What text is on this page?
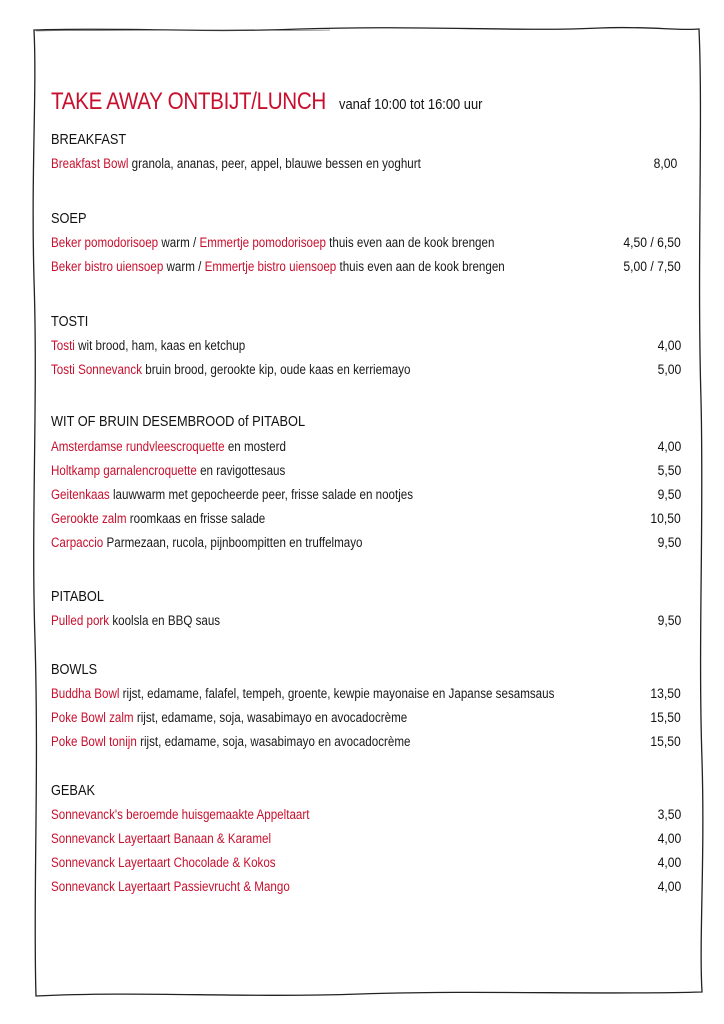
TAKE AWAY ONTBIJT/LUNCH vanaf 10:00 tot 16:00 uur
BREAKFAST
Breakfast Bowl granola, ananas, peer, appel, blauwe bessen en yoghurt	8,00
SOEP
Beker pomodorisoep warm / Emmertje pomodorisoep thuis even aan de kook brengen	4,50 / 6,50
Beker bistro uiensoep warm / Emmertje bistro uiensoep thuis even aan de kook brengen	5,00 / 7,50
TOSTI
Tosti wit brood, ham, kaas en ketchup	4,00
Tosti Sonnevanck bruin brood, gerookte kip, oude kaas en kerriemayo	5,00
WIT OF BRUIN DESEMBROOD of PITABOL
Amsterdamse rundvleescroquette en mosterd	4,00
Holtkamp garnalencroquette en ravigottesaus	5,50
Geitenkaas lauwwarm met gepocheerde peer, frisse salade en nootjes	9,50
Gerookte zalm roomkaas en frisse salade	10,50
Carpaccio Parmezaan, rucola, pijnboompitten en truffelmayo	9,50
PITABOL
Pulled pork koolsla en BBQ saus	9,50
BOWLS
Buddha Bowl rijst, edamame, falafel, tempeh, groente, kewpie mayonaise en Japanse sesamsaus	13,50
Poke Bowl zalm rijst, edamame, soja, wasabimayo en avocadocrème	15,50
Poke Bowl tonijn rijst, edamame, soja, wasabimayo en avocadocrème	15,50
GEBAK
Sonnevanck's beroemde huisgemaakte Appeltaart	3,50
Sonnevanck Layertaart Banaan & Karamel	4,00
Sonnevanck Layertaart Chocolade & Kokos	4,00
Sonnevanck Layertaart Passievrucht & Mango	4,00
